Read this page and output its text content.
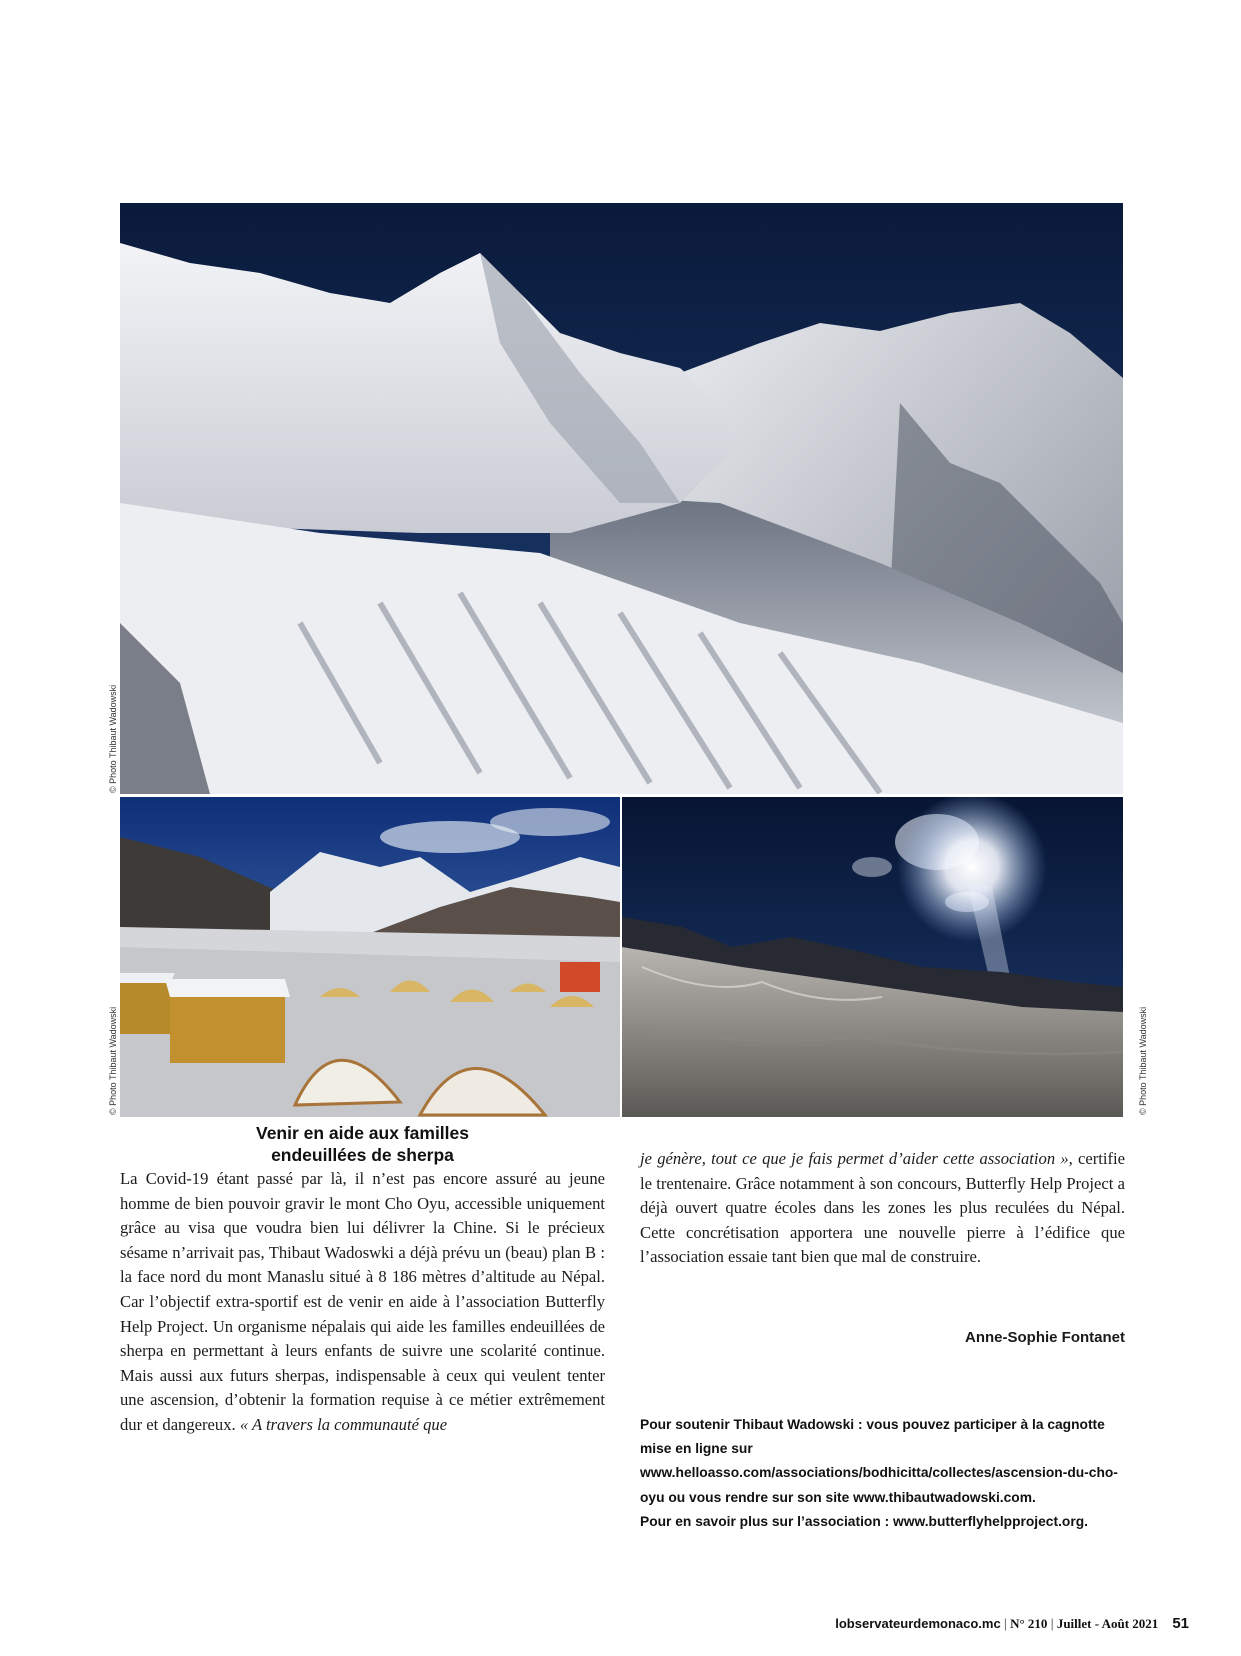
© Photo Thibaut Wadowski
© Photo Thibaut Wadowski	© Photo Thibaut Wadowski
Venir en aide aux familles
endeuillées de sherpa

La Covid-19 étant passé par là, il n’est pas encore assuré au jeune homme de bien pouvoir gravir le mont Cho Oyu, accessible uniquement grâce au visa que voudra bien lui délivrer la Chine. Si le précieux sésame n’arrivait pas, Thibaut Wadoswki a déjà prévu un (beau) plan B : la face nord du mont Manaslu situé à 8 186 mètres d’altitude au Népal. Car l’objectif extra-sportif est de venir en aide à l’association Butterfly Help Project. Un organisme népalais qui aide les familles endeuillées de sherpa en permettant à leurs enfants de suivre une scolarité continue. Mais aussi aux futurs sherpas, indispensable à ceux qui veulent tenter une ascension, d’obtenir la formation requise à ce métier extrêmement dur et dangereux. « A travers la communauté que

je génère, tout ce que je fais permet d’aider cette association », certifie le trentenaire. Grâce notamment à son concours, Butterfly Help Project a déjà ouvert quatre écoles dans les zones les plus reculées du Népal. Cette concrétisation apportera une nouvelle pierre à l’édifice que l’association essaie tant bien que mal de construire.

Anne-Sophie Fontanet

Pour soutenir Thibaut Wadowski : vous pouvez participer à la cagnotte mise en ligne sur www.helloasso.com/associations/bodhicitta/collectes/ascension-du-cho-oyu ou vous rendre sur son site www.thibautwadowski.com.

Pour en savoir plus sur l’association : www.butterflyhelpproject.org.

lobservateurdemonaco.mc | N° 210 | Juillet - Août 2021 51
